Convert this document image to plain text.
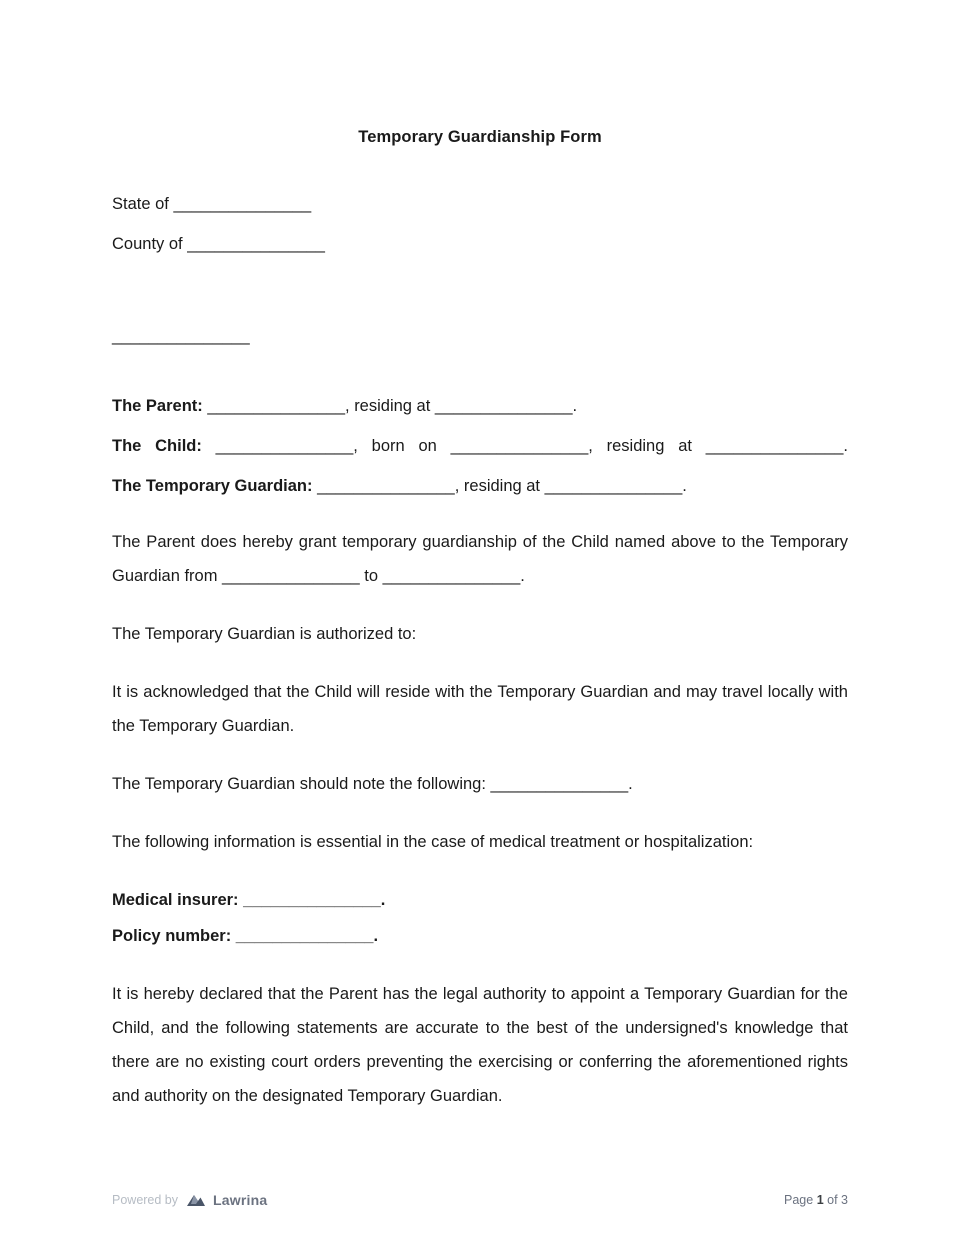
Temporary Guardianship Form

State of _______________

County of _______________

_______________

The Parent: _______________, residing at _______________.

The Child: _______________, born on _______________, residing at _______________.

The Temporary Guardian: _______________, residing at _______________.

The Parent does hereby grant temporary guardianship of the Child named above to the Temporary Guardian from _______________ to _______________.

The Temporary Guardian is authorized to:

It is acknowledged that the Child will reside with the Temporary Guardian and may travel locally with the Temporary Guardian.

The Temporary Guardian should note the following: _______________.

The following information is essential in the case of medical treatment or hospitalization:

Medical insurer: _______________.

Policy number: _______________.

It is hereby declared that the Parent has the legal authority to appoint a Temporary Guardian for the Child, and the following statements are accurate to the best of the undersigned's knowledge that there are no existing court orders preventing the exercising or conferring the aforementioned rights and authority on the designated Temporary Guardian.

Powered by	Lawrina	Page 1 of 3
